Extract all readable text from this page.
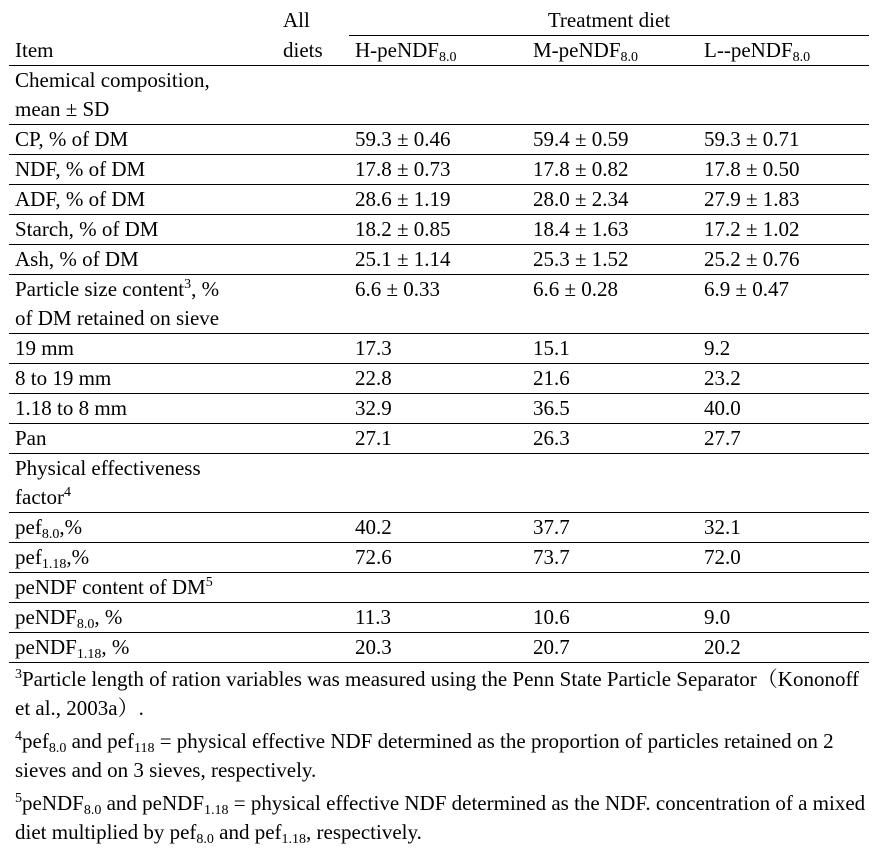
	All	Treatment diet		
Item	diets	H-peNDF$_{8.0}$	M-peNDF$_{8.0}$	L--peNDF$_{8.0}$
Chemical composition,
mean ± SD				
CP, % of DM		59.3 ± 0.46	59.4 ± 0.59	59.3 ± 0.71
NDF, % of DM		17.8 ± 0.73	17.8 ± 0.82	17.8 ± 0.50
ADF, % of DM		28.6 ± 1.19	28.0 ± 2.34	27.9 ± 1.83
Starch, % of DM		18.2 ± 0.85	18.4 ± 1.63	17.2 ± 1.02
Ash, % of DM		25.1 ± 1.14	25.3 ± 1.52	25.2 ± 0.76
Particle size content$^3$, %
of DM retained on sieve		6.6 ± 0.33	6.6 ± 0.28	6.9 ± 0.47
19 mm		17.3	15.1	9.2
8 to 19 mm		22.8	21.6	23.2
1.18 to 8 mm		32.9	36.5	40.0
Pan		27.1	26.3	27.7
Physical effectiveness
factor$^4$				
pef$_{8.0}$,%		40.2	37.7	32.1
pef$_{1.18}$,%		72.6	73.7	72.0
peNDF content of $DM^5$				
peNDF$_{8.0}$, %		11.3	10.6	9.0
peNDF$_{1.18}$, %		20.3	20.7	20.2

$^3$Particle length of ration variables was measured using the Penn State Particle Separator（Kononoff et al., 2003a）.

$^4$pef$_{8.0}$ and pef$_{118}$ = physical effective NDF determined as the proportion of particles retained on 2 sieves and on 3 sieves, respectively.

$^5$peNDF$_{8.0}$ and peNDF$_{1.18}$ = physical effective NDF determined as the NDF. concentration of a mixed diet multiplied by pef$_{8.0}$ and pef$_{1.18}$, respectively.
